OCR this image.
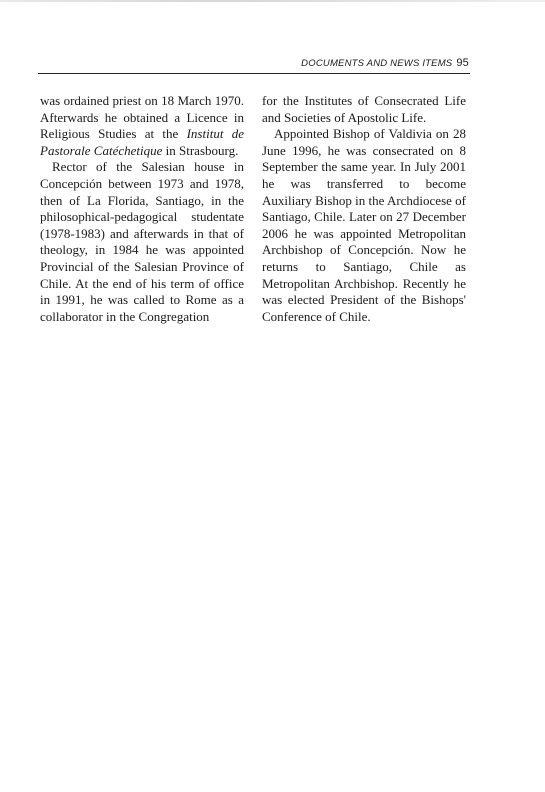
DOCUMENTS AND NEWS ITEMS 95

was ordained priest on 18 March 1970. Afterwards he obtained a Licence in Religious Studies at the Institut de Pastorale Catéchetique in Strasbourg.

Rector of the Salesian house in Concepción between 1973 and 1978, then of La Florida, Santiago, in the philosophical-pedagogical studentate (1978-1983) and afterwards in that of theology, in 1984 he was appointed Provincial of the Salesian Province of Chile. At the end of his term of office in 1991, he was called to Rome as a collaborator in the Congregation

for the Institutes of Consecrated Life and Societies of Apostolic Life.

Appointed Bishop of Valdivia on 28 June 1996, he was consecrated on 8 September the same year. In July 2001 he was transferred to become Auxiliary Bishop in the Archdiocese of Santiago, Chile. Later on 27 December 2006 he was appointed Metropolitan Archbishop of Concepción. Now he returns to Santiago, Chile as Metropolitan Archbishop. Recently he was elected President of the Bishops' Conference of Chile.
